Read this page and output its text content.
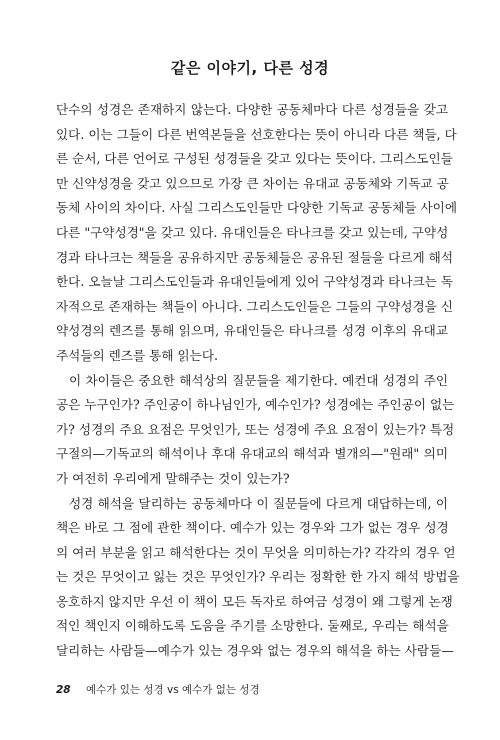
같은 이야기, 다른 성경
단수의 성경은 존재하지 않는다. 다양한 공동체마다 다른 성경들을 갖고
있다. 이는 그들이 다른 번역본들을 선호한다는 뜻이 아니라 다른 책들, 다
른 순서, 다른 언어로 구성된 성경들을 갖고 있다는 뜻이다. 그리스도인들
만 신약성경을 갖고 있으므로 가장 큰 차이는 유대교 공동체와 기독교 공
동체 사이의 차이다. 사실 그리스도인들만 다양한 기독교 공동체들 사이에
다른 "구약성경"을 갖고 있다. 유대인들은 타나크를 갖고 있는데, 구약성
경과 타나크는 책들을 공유하지만 공동체들은 공유된 절들을 다르게 해석
한다. 오늘날 그리스도인들과 유대인들에게 있어 구약성경과 타나크는 독
자적으로 존재하는 책들이 아니다. 그리스도인들은 그들의 구약성경을 신
약성경의 렌즈를 통해 읽으며, 유대인들은 타나크를 성경 이후의 유대교
주석들의 렌즈를 통해 읽는다.
이 차이들은 중요한 해석상의 질문들을 제기한다. 예컨대 성경의 주인
공은 누구인가? 주인공이 하나님인가, 예수인가? 성경에는 주인공이 없는
가? 성경의 주요 요점은 무엇인가, 또는 성경에 주요 요점이 있는가? 특정
구절의—기독교의 해석이나 후대 유대교의 해석과 별개의—"원래" 의미
가 여전히 우리에게 말해주는 것이 있는가?
성경 해석을 달리하는 공동체마다 이 질문들에 다르게 대답하는데, 이
책은 바로 그 점에 관한 책이다. 예수가 있는 경우와 그가 없는 경우 성경
의 여러 부분을 읽고 해석한다는 것이 무엇을 의미하는가? 각각의 경우 얻
는 것은 무엇이고 잃는 것은 무엇인가? 우리는 정확한 한 가지 해석 방법을
옹호하지 않지만 우선 이 책이 모든 독자로 하여금 성경이 왜 그렇게 논쟁
적인 책인지 이해하도록 도움을 주기를 소망한다. 둘째로, 우리는 해석을
달리하는 사람들—예수가 있는 경우와 없는 경우의 해석을 하는 사람들—
28 예수가 있는 성경 vs 예수가 없는 성경
